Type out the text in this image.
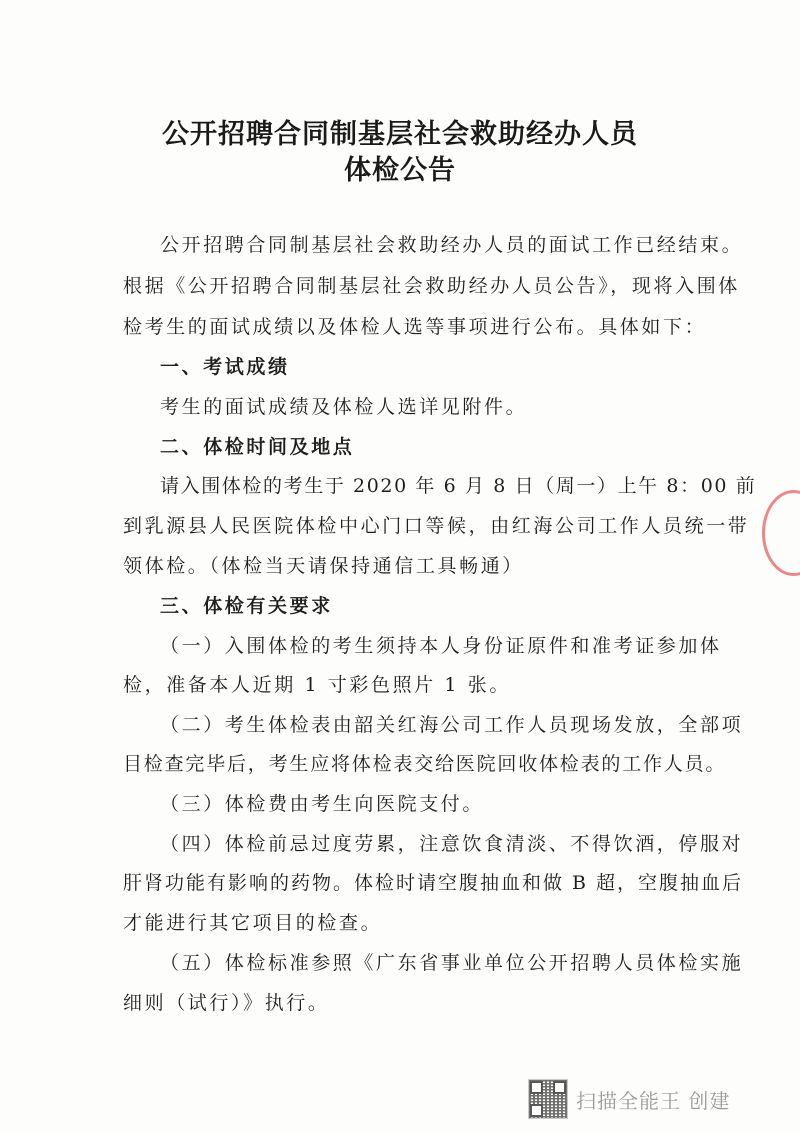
公开招聘合同制基层社会救助经办人员
体检公告
公开招聘合同制基层社会救助经办人员的面试工作已经结束。
根据《公开招聘合同制基层社会救助经办人员公告》，现将入围体
检考生的面试成绩以及体检人选等事项进行公布。具体如下：
一、考试成绩
考生的面试成绩及体检人选详见附件。
二、体检时间及地点
请入围体检的考生于 2020 年 6 月 8 日（周一）上午 8：00 前
到乳源县人民医院体检中心门口等候，由红海公司工作人员统一带
领体检。（体检当天请保持通信工具畅通）
三、体检有关要求
（一）入围体检的考生须持本人身份证原件和准考证参加体
检，准备本人近期 1 寸彩色照片 1 张。
（二）考生体检表由韶关红海公司工作人员现场发放，全部项
目检查完毕后，考生应将体检表交给医院回收体检表的工作人员。
（三）体检费由考生向医院支付。
（四）体检前忌过度劳累，注意饮食清淡、不得饮酒，停服对
肝肾功能有影响的药物。体检时请空腹抽血和做 B 超，空腹抽血后
才能进行其它项目的检查。
（五）体检标准参照《广东省事业单位公开招聘人员体检实施
细则（试行）》执行。
扫描全能王 创建
